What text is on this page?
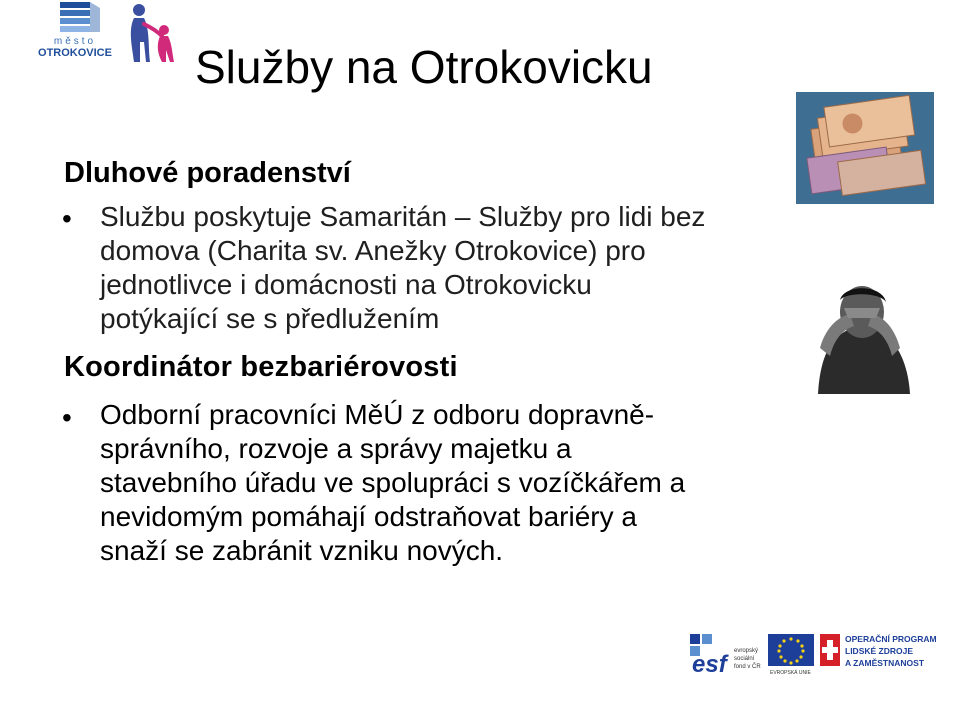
město
OTROKOVICE Služby na Otrokovicku
Dluhové poradenství
• Službu poskytuje Samaritán – Služby pro lidi bez
domova (Charita sv. Anežky Otrokovice) pro
jednotlivce i domácnosti na Otrokovicku
potýkající se s předlužením

Koordinátor bezbariérovosti
• Odborní pracovníci MěÚ z odboru dopravně-
správního, rozvoje a správy majetku a
stavebního úřadu ve spolupráci s vozíčkářem a
nevidomým pomáhají odstraňovat bariéry a
snaží se zabránit vzniku nových.

esf	evropský
sociální
fond v ČR
EVROPSKÁ UNIE
OPERAČNÍ PROGRAM
LIDSKÉ ZDROJE
A ZAMĚSTNANOST
